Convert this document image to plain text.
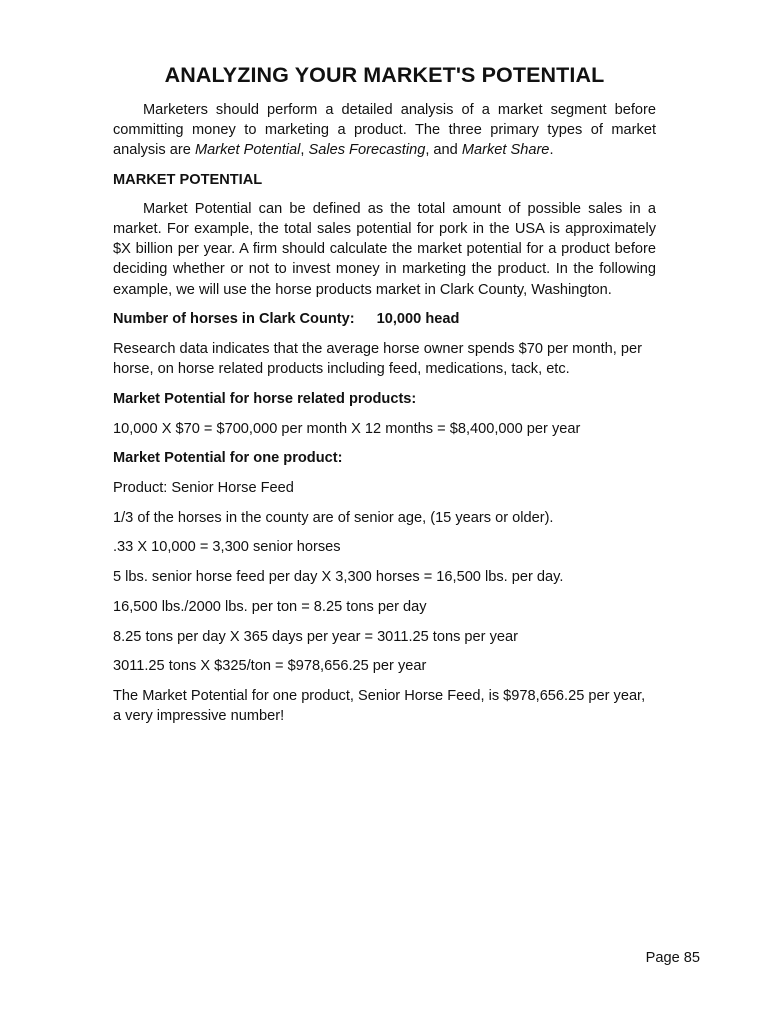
ANALYZING YOUR MARKET'S POTENTIAL

Marketers should perform a detailed analysis of a market segment before committing money to marketing a product. The three primary types of market analysis are Market Potential, Sales Forecasting, and Market Share.

MARKET POTENTIAL

Market Potential can be defined as the total amount of possible sales in a market. For example, the total sales potential for pork in the USA is approximately $X billion per year. A firm should calculate the market potential for a product before deciding whether or not to invest money in marketing the product. In the following example, we will use the horse products market in Clark County, Washington.

Number of horses in Clark County: 10,000 head

Research data indicates that the average horse owner spends $70 per month, per horse, on horse related products including feed, medications, tack, etc.

Market Potential for horse related products:

10,000 X $70 = $700,000 per month X 12 months = $8,400,000 per year

Market Potential for one product:

Product: Senior Horse Feed

1/3 of the horses in the county are of senior age, (15 years or older).

.33 X 10,000 = 3,300 senior horses

5 lbs. senior horse feed per day X 3,300 horses = 16,500 lbs. per day.

16,500 lbs./2000 lbs. per ton = 8.25 tons per day

8.25 tons per day X 365 days per year = 3011.25 tons per year

3011.25 tons X $325/ton = $978,656.25 per year

The Market Potential for one product, Senior Horse Feed, is $978,656.25 per year, a very impressive number!

Page 85
